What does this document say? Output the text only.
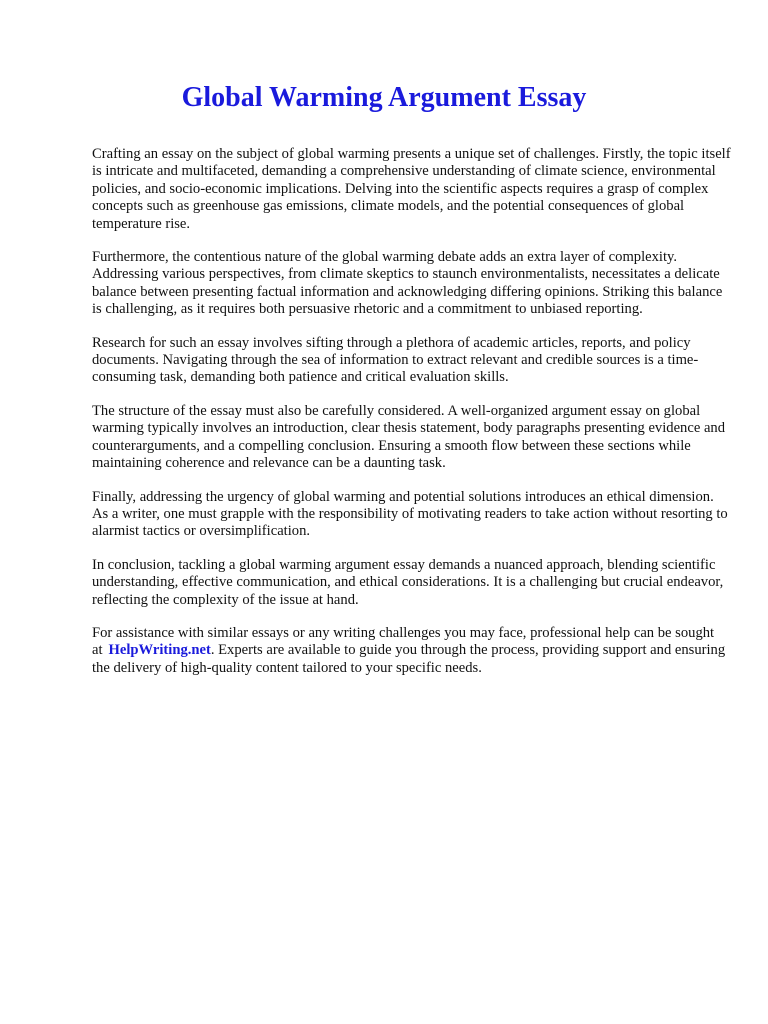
Global Warming Argument Essay

Crafting an essay on the subject of global warming presents a unique set of challenges. Firstly, the topic itself is intricate and multifaceted, demanding a comprehensive understanding of climate science, environmental policies, and socio-economic implications. Delving into the scientific aspects requires a grasp of complex concepts such as greenhouse gas emissions, climate models, and the potential consequences of global temperature rise.

Furthermore, the contentious nature of the global warming debate adds an extra layer of complexity. Addressing various perspectives, from climate skeptics to staunch environmentalists, necessitates a delicate balance between presenting factual information and acknowledging differing opinions. Striking this balance is challenging, as it requires both persuasive rhetoric and a commitment to unbiased reporting.

Research for such an essay involves sifting through a plethora of academic articles, reports, and policy documents. Navigating through the sea of information to extract relevant and credible sources is a time-consuming task, demanding both patience and critical evaluation skills.

The structure of the essay must also be carefully considered. A well-organized argument essay on global warming typically involves an introduction, clear thesis statement, body paragraphs presenting evidence and counterarguments, and a compelling conclusion. Ensuring a smooth flow between these sections while maintaining coherence and relevance can be a daunting task.

Finally, addressing the urgency of global warming and potential solutions introduces an ethical dimension. As a writer, one must grapple with the responsibility of motivating readers to take action without resorting to alarmist tactics or oversimplification.

In conclusion, tackling a global warming argument essay demands a nuanced approach, blending scientific understanding, effective communication, and ethical considerations. It is a challenging but crucial endeavor, reflecting the complexity of the issue at hand.

For assistance with similar essays or any writing challenges you may face, professional help can be sought at HelpWriting.net. Experts are available to guide you through the process, providing support and ensuring the delivery of high-quality content tailored to your specific needs.
